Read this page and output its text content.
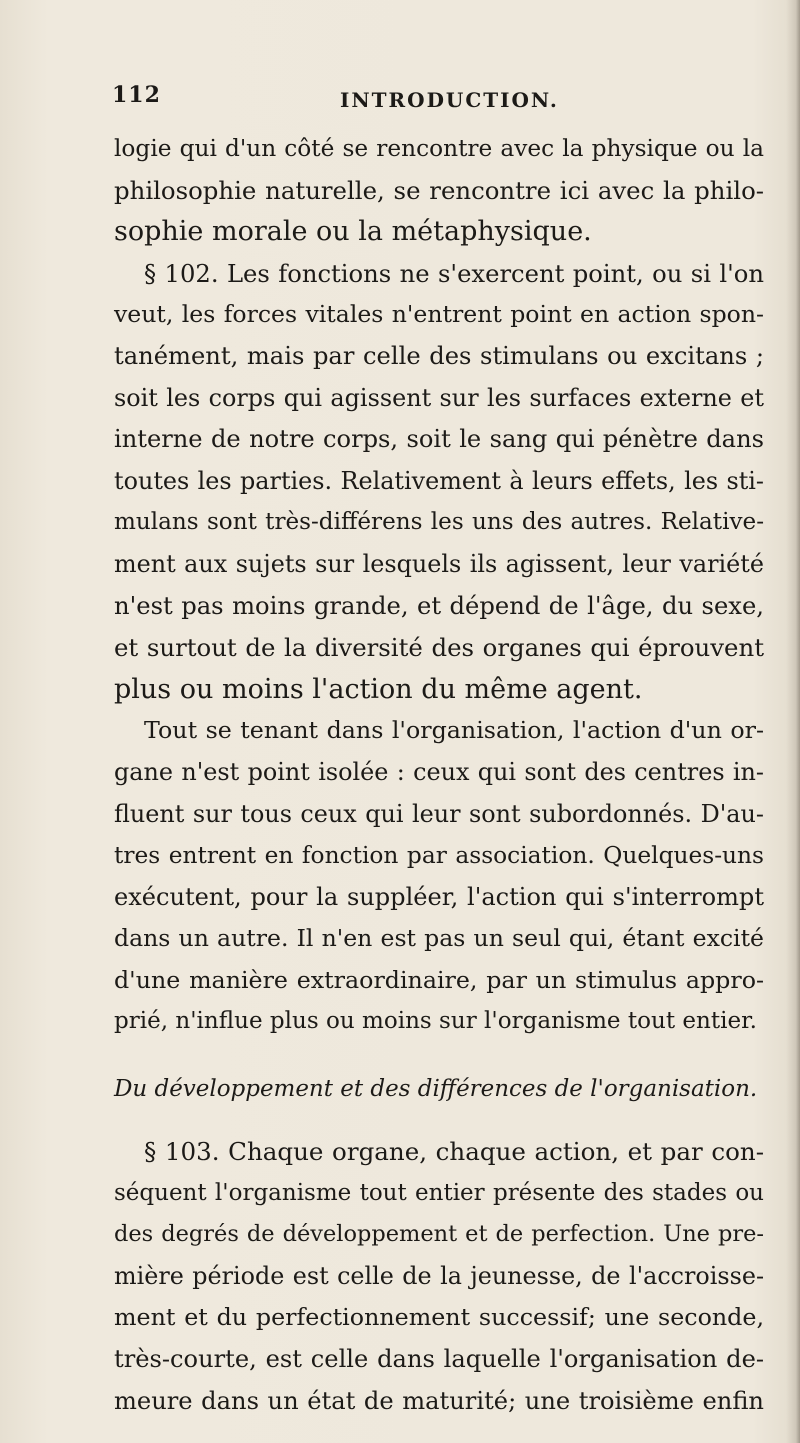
112	INTRODUCTION.
logie qui d'un côté se rencontre avec la physique ou la
philosophie naturelle, se rencontre ici avec la philo-
sophie morale ou la métaphysique.
§ 102. Les fonctions ne s'exercent point, ou si l'on
veut, les forces vitales n'entrent point en action spon-
tanément, mais par celle des stimulans ou excitans ;
soit les corps qui agissent sur les surfaces externe et
interne de notre corps, soit le sang qui pénètre dans
toutes les parties. Relativement à leurs effets, les sti-
mulans sont très-différens les uns des autres. Relative-
ment aux sujets sur lesquels ils agissent, leur variété
n'est pas moins grande, et dépend de l'âge, du sexe,
et surtout de la diversité des organes qui éprouvent
plus ou moins l'action du même agent.
Tout se tenant dans l'organisation, l'action d'un or-
gane n'est point isolée : ceux qui sont des centres in-
fluent sur tous ceux qui leur sont subordonnés. D'au-
tres entrent en fonction par association. Quelques-uns
exécutent, pour la suppléer, l'action qui s'interrompt
dans un autre. Il n'en est pas un seul qui, étant excité
d'une manière extraordinaire, par un stimulus appro-
prié, n'influe plus ou moins sur l'organisme tout entier.
Du développement et des différences de l'organisation.
§ 103. Chaque organe, chaque action, et par con-
séquent l'organisme tout entier présente des stades ou
des degrés de développement et de perfection. Une pre-
mière période est celle de la jeunesse, de l'accroisse-
ment et du perfectionnement successif; une seconde,
très-courte, est celle dans laquelle l'organisation de-
meure dans un état de maturité; une troisième enfin
